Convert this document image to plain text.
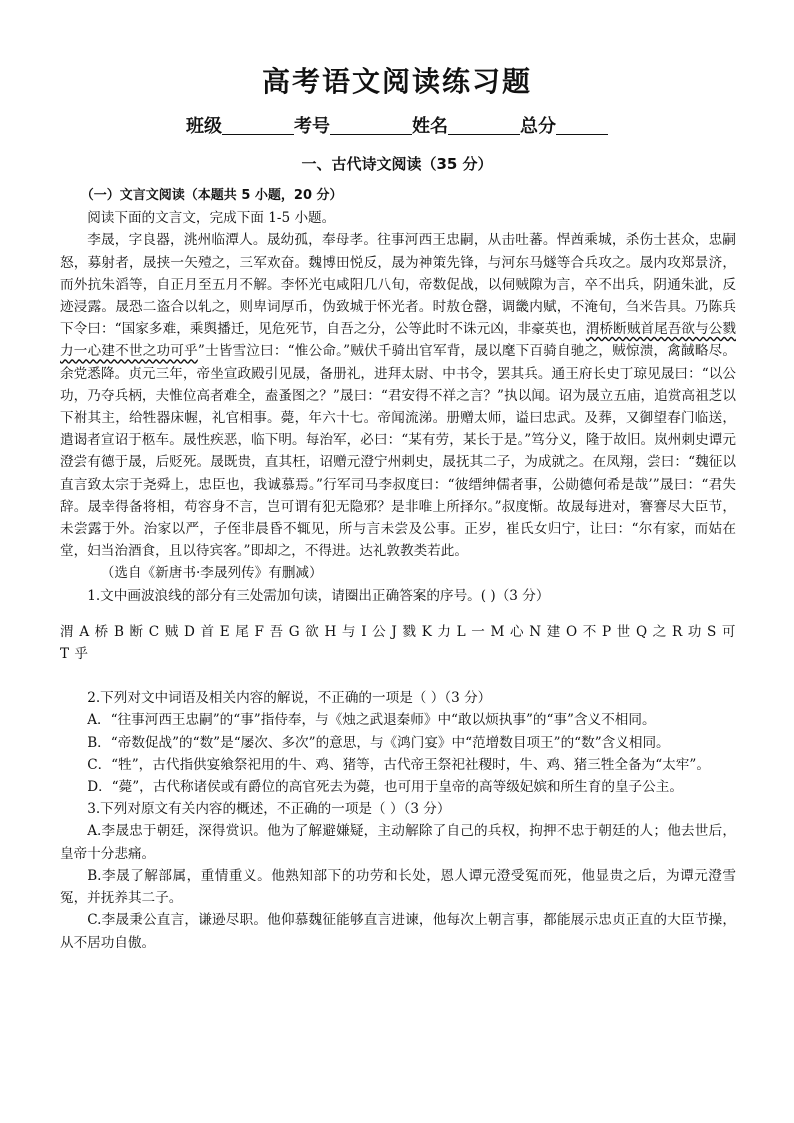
高考语文阅读练习题
班级	考号	姓名	总分
一、古代诗文阅读（35 分）

（一）文言文阅读（本题共 5 小题，20 分）

阅读下面的文言文，完成下面 1-5 小题。

李晟，字良器，洮州临潭人。晟幼孤，奉母孝。往事河西王忠嗣，从击吐蕃。悍酋乘城，杀伤士甚众，忠嗣怒，募射者，晟挟一矢殪之，三军欢奋。魏博田悦反，晟为神策先锋，与河东马燧等合兵攻之。晟内攻郑景济，而外抗朱滔等，自正月至五月不解。李怀光屯咸阳几八旬，帝数促战，以伺贼隙为言，卒不出兵，阴通朱泚，反迹浸露。晟恐二盗合以轧之，则卑词厚币，伪致城于怀光者。时敖仓罄，调畿内赋，不淹旬，刍米告具。乃陈兵下令曰：“国家多难，乘舆播迁，见危死节，自吾之分，公等此时不诛元凶，非豪英也，渭桥断贼首尾吾欲与公戮力一心建不世之功可乎”士皆雪泣曰：“惟公命。”贼伏千骑出官军背，晟以麾下百骑自驰之，贼惊溃，禽馘略尽。余党悉降。贞元三年，帝坐宣政殿引见晟，备册礼，进拜太尉、中书令，罢其兵。通王府长史丁琼见晟曰：“以公功，乃夺兵柄，夫惟位高者难全，盍蚤图之？”晟曰：“君安得不祥之言？”执以闻。诏为晟立五庙，追赏高祖芝以下祔其主，给牲器床幄，礼官相事。薨，年六十七。帝闻流涕。册赠太师，谥曰忠武。及葬，又御望春门临送，遣谒者宣诏于柩车。晟性疾恶，临下明。每治军，必曰：“某有劳，某长于是。”笃分义，隆于故旧。岚州刺史谭元澄尝有德于晟，后贬死。晟既贵，直其枉，诏赠元澄宁州刺史，晟抚其二子，为成就之。在凤翔，尝曰：“魏征以直言致太宗于尧舜上，忠臣也，我诚慕焉。”行军司马李叔度曰：“彼缙绅儒者事，公勋德何希是哉’”晟曰：“君失辞。晟幸得备将相，苟容身不言，岂可谓有犯无隐邪？是非唯上所择尔。”叔度惭。故晟每进对，謇謇尽大臣节，未尝露于外。治家以严，子侄非晨昏不辄见，所与言未尝及公事。正岁，崔氏女归宁，让曰：“尔有家，而姑在堂，妇当治酒食，且以待宾客。”即却之，不得进。达礼敦教类若此。

（选自《新唐书·李晟列传》有删减）

1.文中画波浪线的部分有三处需加句读，请圈出正确答案的序号。( )（3 分）

渭 A 桥 B 断 C 贼 D 首 E 尾 F 吾 G 欲 H 与 I 公 J 戮 K 力 L 一 M 心 N 建 O 不 P 世 Q 之 R 功 S 可 T 乎

2.下列对文中词语及相关内容的解说，不正确的一项是（ ）（3 分）

A．“往事河西王忠嗣”的“事”指侍奉，与《烛之武退秦师》中“敢以烦执事”的“事”含义不相同。

B．“帝数促战”的“数”是“屡次、多次”的意思，与《鸿门宴》中“范增数目项王”的“数”含义相同。

C．“牲”，古代指供宴飨祭祀用的牛、鸡、猪等，古代帝王祭祀社稷时，牛、鸡、猪三牲全备为“太牢”。

D．“薨”，古代称诸侯或有爵位的高官死去为薨，也可用于皇帝的高等级妃嫔和所生育的皇子公主。

3.下列对原文有关内容的概述，不正确的一项是（ ）（3 分）

A.李晟忠于朝廷，深得赏识。他为了解避嫌疑，主动解除了自己的兵权，拘押不忠于朝廷的人；他去世后，皇帝十分悲痛。

B.李晟了解部属，重情重义。他熟知部下的功劳和长处，恩人谭元澄受冤而死，他显贵之后，为谭元澄雪冤，并抚养其二子。

C.李晟秉公直言，谦逊尽职。他仰慕魏征能够直言进谏，他每次上朝言事，都能展示忠贞正直的大臣节操，从不居功自傲。
